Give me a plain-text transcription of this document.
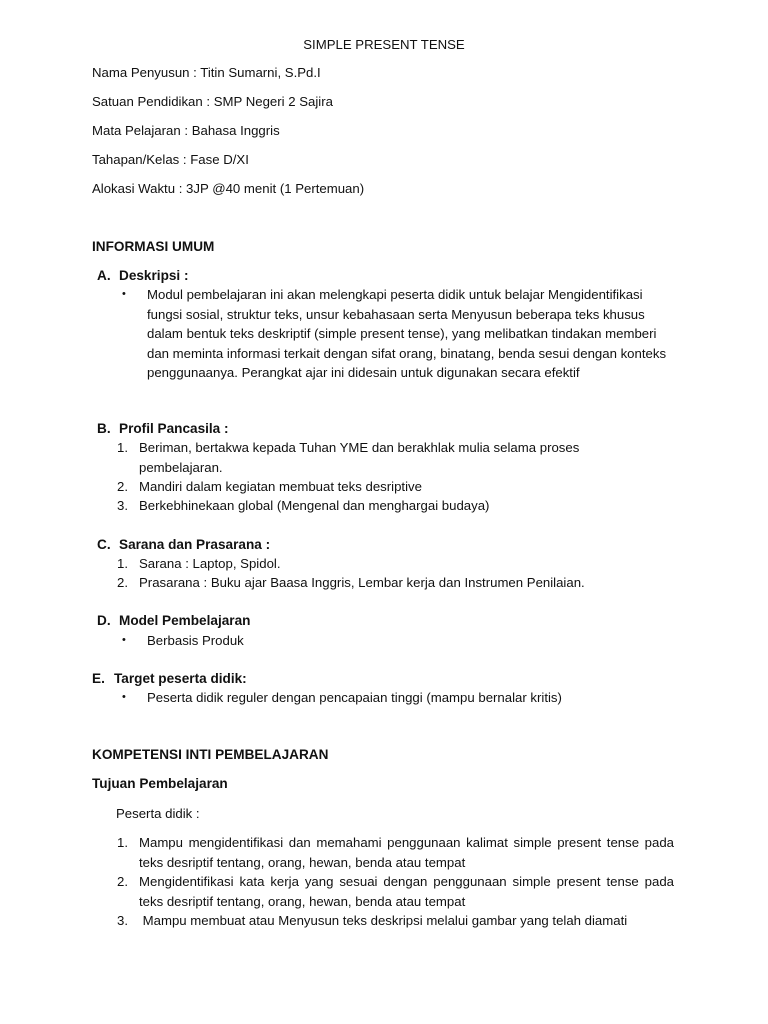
SIMPLE PRESENT TENSE
Nama Penyusun : Titin Sumarni, S.Pd.I
Satuan Pendidikan : SMP Negeri 2 Sajira
Mata Pelajaran : Bahasa Inggris
Tahapan/Kelas : Fase D/XI
Alokasi Waktu : 3JP @40 menit (1 Pertemuan)
INFORMASI UMUM
A. Deskripsi :
• Modul pembelajaran ini akan melengkapi peserta didik untuk belajar Mengidentifikasi fungsi sosial, struktur teks, unsur kebahasaan serta Menyusun beberapa teks khusus dalam bentuk teks deskriptif (simple present tense), yang melibatkan tindakan memberi dan meminta informasi terkait dengan sifat orang, binatang, benda sesui dengan konteks penggunaanya. Perangkat ajar ini didesain untuk digunakan secara efektif
B. Profil Pancasila :
1. Beriman, bertakwa kepada Tuhan YME dan berakhlak mulia selama proses pembelajaran.
2. Mandiri dalam kegiatan membuat teks desriptive
3. Berkebhinekaan global (Mengenal dan menghargai budaya)
C. Sarana dan Prasarana :
1. Sarana : Laptop, Spidol.
2. Prasarana : Buku ajar Baasa Inggris, Lembar kerja dan Instrumen Penilaian.
D. Model Pembelajaran
• Berbasis Produk
E. Target peserta didik:
• Peserta didik reguler dengan pencapaian tinggi (mampu bernalar kritis)
KOMPETENSI INTI PEMBELAJARAN
Tujuan Pembelajaran
Peserta didik :
1. Mampu mengidentifikasi dan memahami penggunaan kalimat simple present tense pada teks desriptif tentang, orang, hewan, benda atau tempat
2. Mengidentifikasi kata kerja yang sesuai dengan penggunaan simple present tense pada teks desriptif tentang, orang, hewan, benda atau tempat
3. Mampu membuat atau Menyusun teks deskripsi melalui gambar yang telah diamati
